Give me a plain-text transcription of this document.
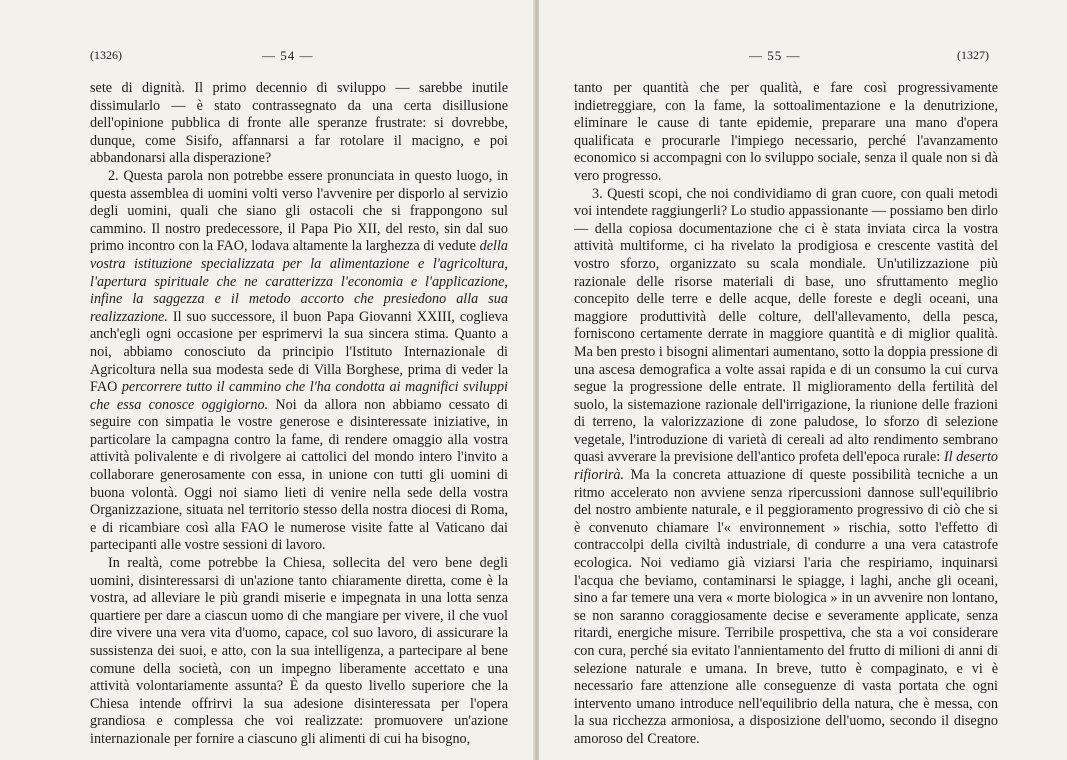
(1326)	— 54 —

sete di dignità. Il primo decennio di sviluppo — sarebbe inutile dissimularlo — è stato contrassegnato da una certa disillusione dell'opinione pubblica di fronte alle speranze frustrate: si dovrebbe, dunque, come Sisifo, affannarsi a far rotolare il macigno, e poi abbandonarsi alla disperazione?

2. Questa parola non potrebbe essere pronunciata in questo luogo, in questa assemblea di uomini volti verso l'avvenire per disporlo al servizio degli uomini, quali che siano gli ostacoli che si frappongono sul cammino. Il nostro predecessore, il Papa Pio XII, del resto, sin dal suo primo incontro con la FAO, lodava altamente la larghezza di vedute della vostra istituzione specializzata per la alimentazione e l'agricoltura, l'apertura spirituale che ne caratterizza l'economia e l'applicazione, infine la saggezza e il metodo accorto che presiedono alla sua realizzazione. Il suo successore, il buon Papa Giovanni XXIII, coglieva anch'egli ogni occasione per esprimervi la sua sincera stima. Quanto a noi, abbiamo conosciuto da principio l'Istituto Internazionale di Agricoltura nella sua modesta sede di Villa Borghese, prima di veder la FAO percorrere tutto il cammino che l'ha condotta ai magnifici sviluppi che essa conosce oggigiorno. Noi da allora non abbiamo cessato di seguire con simpatia le vostre generose e disinteressate iniziative, in particolare la campagna contro la fame, di rendere omaggio alla vostra attività polivalente e di rivolgere ai cattolici del mondo intero l'invito a collaborare generosamente con essa, in unione con tutti gli uomini di buona volontà. Oggi noi siamo lieti di venire nella sede della vostra Organizzazione, situata nel territorio stesso della nostra diocesi di Roma, e di ricambiare così alla FAO le numerose visite fatte al Vaticano dai partecipanti alle vostre sessioni di lavoro.

In realtà, come potrebbe la Chiesa, sollecita del vero bene degli uomini, disinteressarsi di un'azione tanto chiaramente diretta, come è la vostra, ad alleviare le più grandi miserie e impegnata in una lotta senza quartiere per dare a ciascun uomo di che mangiare per vivere, il che vuol dire vivere una vera vita d'uomo, capace, col suo lavoro, di assicurare la sussistenza dei suoi, e atto, con la sua intelligenza, a partecipare al bene comune della società, con un impegno liberamente accettato e una attività volontariamente assunta? È da questo livello superiore che la Chiesa intende offrirvi la sua adesione disinteressata per l'opera grandiosa e complessa che voi realizzate: promuovere un'azione internazionale per fornire a ciascuno gli alimenti di cui ha bisogno,

— 55 —	(1327)

tanto per quantità che per qualità, e fare così progressivamente indietreggiare, con la fame, la sottoalimentazione e la denutrizione, eliminare le cause di tante epidemie, preparare una mano d'opera qualificata e procurarle l'impiego necessario, perché l'avanzamento economico si accompagni con lo sviluppo sociale, senza il quale non si dà vero progresso.

3. Questi scopi, che noi condividiamo di gran cuore, con quali metodi voi intendete raggiungerli? Lo studio appassionante — possiamo ben dirlo — della copiosa documentazione che ci è stata inviata circa la vostra attività multiforme, ci ha rivelato la prodigiosa e crescente vastità del vostro sforzo, organizzato su scala mondiale. Un'utilizzazione più razionale delle risorse materiali di base, uno sfruttamento meglio concepito delle terre e delle acque, delle foreste e degli oceani, una maggiore produttività delle colture, dell'allevamento, della pesca, forniscono certamente derrate in maggiore quantità e di miglior qualità. Ma ben presto i bisogni alimentari aumentano, sotto la doppia pressione di una ascesa demografica a volte assai rapida e di un consumo la cui curva segue la progressione delle entrate. Il miglioramento della fertilità del suolo, la sistemazione razionale dell'irrigazione, la riunione delle frazioni di terreno, la valorizzazione di zone paludose, lo sforzo di selezione vegetale, l'introduzione di varietà di cereali ad alto rendimento sembrano quasi avverare la previsione dell'antico profeta dell'epoca rurale: Il deserto rifiorirà. Ma la concreta attuazione di queste possibilità tecniche a un ritmo accelerato non avviene senza ripercussioni dannose sull'equilibrio del nostro ambiente naturale, e il peggioramento progressivo di ciò che si è convenuto chiamare l'« environnement » rischia, sotto l'effetto di contraccolpi della civiltà industriale, di condurre a una vera catastrofe ecologica. Noi vediamo già viziarsi l'aria che respiriamo, inquinarsi l'acqua che beviamo, contaminarsi le spiagge, i laghi, anche gli oceani, sino a far temere una vera « morte biologica » in un avvenire non lontano, se non saranno coraggiosamente decise e severamente applicate, senza ritardi, energiche misure. Terribile prospettiva, che sta a voi considerare con cura, perché sia evitato l'annientamento del frutto di milioni di anni di selezione naturale e umana. In breve, tutto è compaginato, e vi è necessario fare attenzione alle conseguenze di vasta portata che ogni intervento umano introduce nell'equilibrio della natura, che è messa, con la sua ricchezza armoniosa, a disposizione dell'uomo, secondo il disegno amoroso del Creatore.
